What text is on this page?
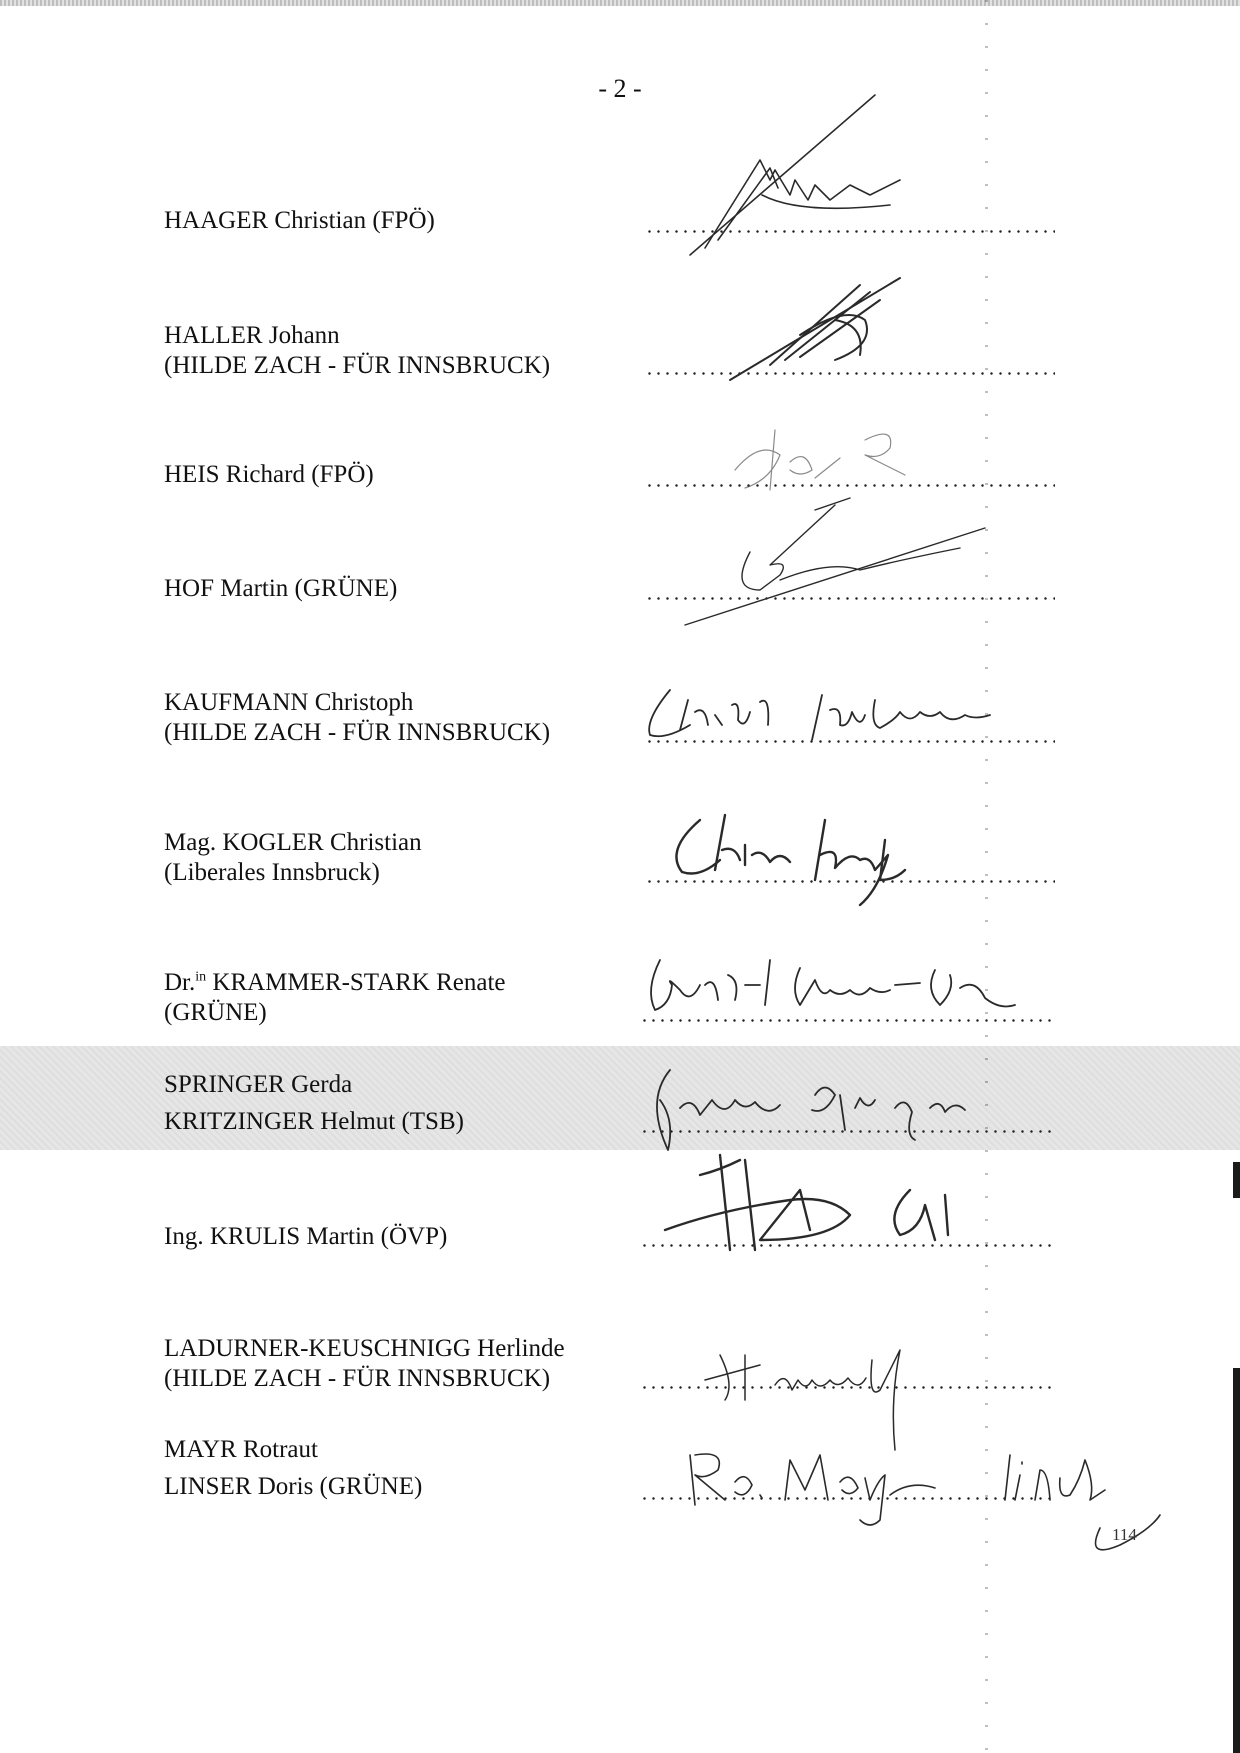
- 2 -
HAAGER Christian (FPÖ)
HALLER Johann
(HILDE ZACH - FÜR INNSBRUCK)
HEIS Richard (FPÖ)
HOF Martin (GRÜNE)
KAUFMANN Christoph
(HILDE ZACH - FÜR INNSBRUCK)
Mag. KOGLER Christian
(Liberales Innsbruck)
Dr.$^{in}$ KRAMMER-STARK Renate
(GRÜNE)
SPRINGER Gerda
KRITZINGER Helmut (TSB)
Ing. KRULIS Martin (ÖVP)
LADURNER-KEUSCHNIGG Herlinde
(HILDE ZACH - FÜR INNSBRUCK)
MAYR Rotraut
LINSER Doris (GRÜNE)
114
